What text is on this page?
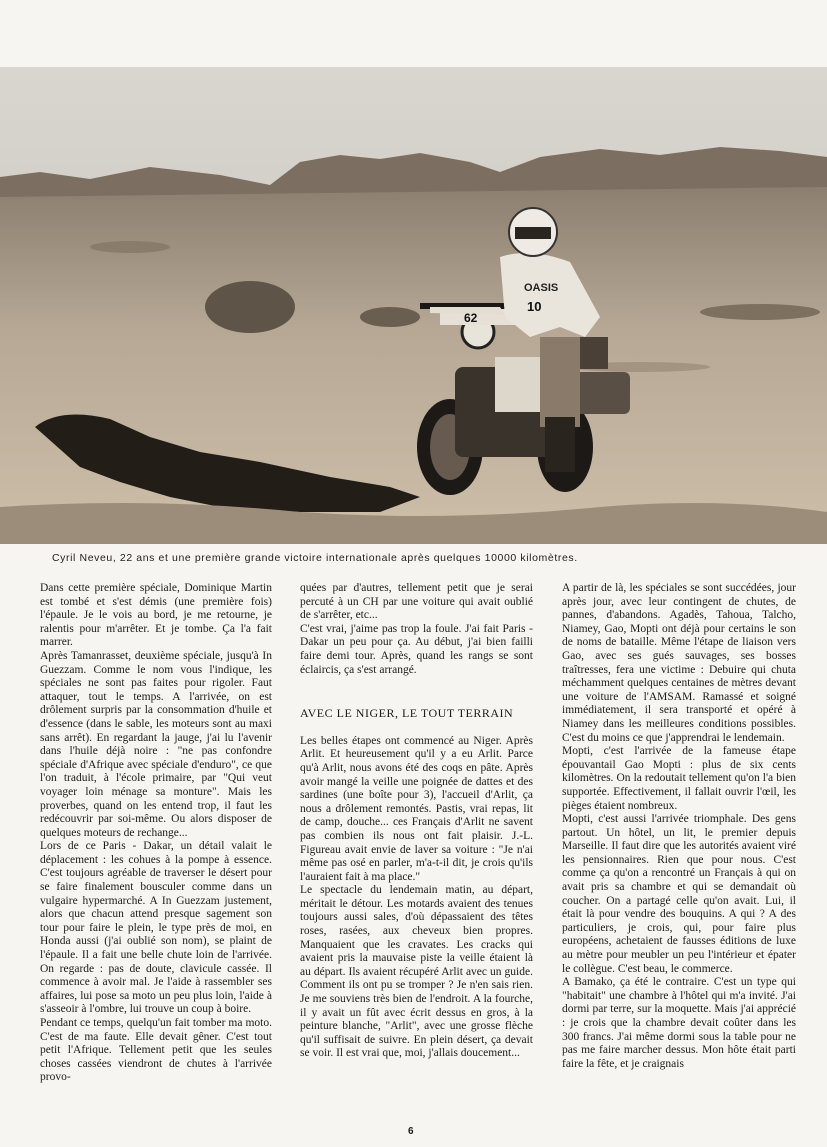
OASIS
10
62
Cyril Neveu, 22 ans et une première grande victoire internationale après quelques 10000 kilomètres.

Dans cette première spéciale, Dominique Martin est tombé et s'est démis (une première fois) l'épaule. Je le vois au bord, je me retourne, je ralentis pour m'arrêter. Et je tombe. Ça l'a fait marrer.

Après Tamanrasset, deuxième spéciale, jusqu'à In Guezzam. Comme le nom vous l'indique, les spéciales ne sont pas faites pour rigoler. Faut attaquer, tout le temps. A l'arrivée, on est drôlement surpris par la consommation d'huile et d'essence (dans le sable, les moteurs sont au maxi sans arrêt). En regardant la jauge, j'ai lu l'avenir dans l'huile déjà noire : "ne pas confondre spéciale d'Afrique avec spéciale d'enduro", ce que l'on traduit, à l'école primaire, par "Qui veut voyager loin ménage sa monture". Mais les proverbes, quand on les entend trop, il faut les redécouvrir par soi-même. Ou alors disposer de quelques moteurs de rechange...

Lors de ce Paris - Dakar, un détail valait le déplacement : les cohues à la pompe à essence. C'est toujours agréable de traverser le désert pour se faire finalement bousculer comme dans un vulgaire hypermarché. A In Guezzam justement, alors que chacun attend presque sagement son tour pour faire le plein, le type près de moi, en Honda aussi (j'ai oublié son nom), se plaint de l'épaule. Il a fait une belle chute loin de l'arrivée. On regarde : pas de doute, clavicule cassée. Il commence à avoir mal. Je l'aide à rassembler ses affaires, lui pose sa moto un peu plus loin, l'aide à s'asseoir à l'ombre, lui trouve un coup à boire.

Pendant ce temps, quelqu'un fait tomber ma moto. C'est de ma faute. Elle devait gêner. C'est tout petit l'Afrique. Tellement petit que les seules choses cassées viendront de chutes à l'arrivée provo-

quées par d'autres, tellement petit que je serai percuté à un CH par une voiture qui avait oublié de s'arrêter, etc...

C'est vrai, j'aime pas trop la foule. J'ai fait Paris - Dakar un peu pour ça. Au début, j'ai bien failli faire demi tour. Après, quand les rangs se sont éclaircis, ça s'est arrangé.

AVEC LE NIGER, LE TOUT TERRAIN

Les belles étapes ont commencé au Niger. Après Arlit. Et heureusement qu'il y a eu Arlit. Parce qu'à Arlit, nous avons été des coqs en pâte. Après avoir mangé la veille une poignée de dattes et des sardines (une boîte pour 3), l'accueil d'Arlit, ça nous a drôlement remontés. Pastis, vrai repas, lit de camp, douche... ces Français d'Arlit ne savent pas combien ils nous ont fait plaisir. J.-L. Figureau avait envie de laver sa voiture : "Je n'ai même pas osé en parler, m'a-t-il dit, je crois qu'ils l'auraient fait à ma place."

Le spectacle du lendemain matin, au départ, méritait le détour. Les motards avaient des tenues toujours aussi sales, d'où dépassaient des têtes roses, rasées, aux cheveux bien propres. Manquaient que les cravates. Les cracks qui avaient pris la mauvaise piste la veille étaient là au départ. Ils avaient récupéré Arlit avec un guide. Comment ils ont pu se tromper ? Je n'en sais rien. Je me souviens très bien de l'endroit. A la fourche, il y avait un fût avec écrit dessus en gros, à la peinture blanche, "Arlit", avec une grosse flèche qu'il suffisait de suivre. En plein désert, ça devait se voir. Il est vrai que, moi, j'allais doucement...

A partir de là, les spéciales se sont succédées, jour après jour, avec leur contingent de chutes, de pannes, d'abandons. Agadès, Tahoua, Talcho, Niamey, Gao, Mopti ont déjà pour certains le son de noms de bataille. Même l'étape de liaison vers Gao, avec ses gués sauvages, ses bosses traîtresses, fera une victime : Debuire qui chuta méchamment quelques centaines de mètres devant une voiture de l'AMSAM. Ramassé et soigné immédiatement, il sera transporté et opéré à Niamey dans les meilleures conditions possibles. C'est du moins ce que j'apprendrai le lendemain.

Mopti, c'est l'arrivée de la fameuse étape épouvantail Gao Mopti : plus de six cents kilomètres. On la redoutait tellement qu'on l'a bien supportée. Effectivement, il fallait ouvrir l'œil, les pièges étaient nombreux.

Mopti, c'est aussi l'arrivée triomphale. Des gens partout. Un hôtel, un lit, le premier depuis Marseille. Il faut dire que les autorités avaient viré les pensionnaires. Rien que pour nous. C'est comme ça qu'on a rencontré un Français à qui on avait pris sa chambre et qui se demandait où coucher. On a partagé celle qu'on avait. Lui, il était là pour vendre des bouquins. A qui ? A des particuliers, je crois, qui, pour faire plus européens, achetaient de fausses éditions de luxe au mètre pour meubler un peu l'intérieur et épater le collègue. C'est beau, le commerce.

A Bamako, ça été le contraire. C'est un type qui "habitait" une chambre à l'hôtel qui m'a invité. J'ai dormi par terre, sur la moquette. Mais j'ai apprécié : je crois que la chambre devait coûter dans les 300 francs. J'ai même dormi sous la table pour ne pas me faire marcher dessus. Mon hôte était parti faire la fête, et je craignais

6
